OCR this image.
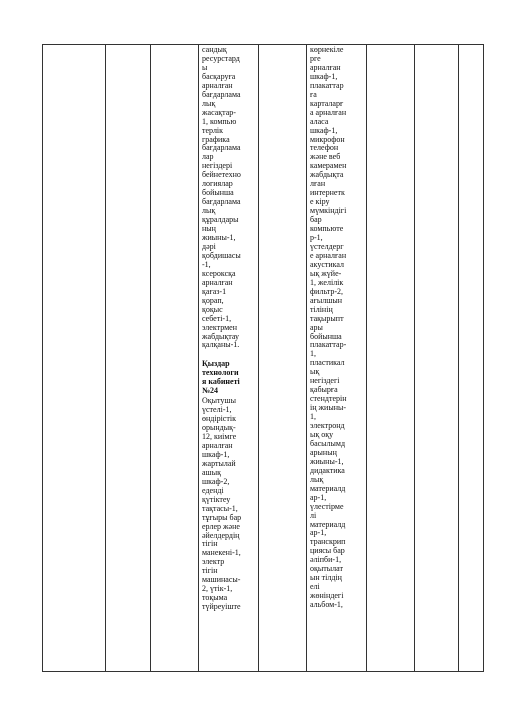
сандық
ресурстард
ы
басқаруға
арналған
бағдарлама
лық
жасақтар-
1, компью
терлік
графика
бағдарлама
лар
негіздері
бейнетехно
логиялар
бойынша
бағдарлама
лық
құралдары
ның
жиыны-1,
дәрі
қобдишасы
-1,
ксероксқа
арналған
қағаз-1
қорап,
қоқыс
себеті-1,
электрмен
жабдықтау
қалқаны-1.
Қыздар
технологи
я кабинеті
№24
Оқытушы
үстелі-1,
өндірістік
орындық-
12, киімге
арналған
шкаф-1,
жартылай
ашық
шкаф-2,
еденді
қүтіктеу
тақтасы-1,
тұғыры бар
ерлер және
әйелдердің
тігін
манекені-1,
электр
тігін
машинасы-
2, үтік-1,
тоқыма
түйреуіште

көрнекіле
рге
арналған
шкаф-1,
плакаттар
ға
карталарғ
а арналған
аласа
шкаф-1,
микрофон
телефон
жəне веб
камерамен
жабдықта
лған
интернетк
е кіру
мүмкіндігі
бар
компьюте
р-1,
үстелдерг
е арналған
акустикал
ық жүйе-
1, желілік
фильтр-2,
ағылшын
тілінің
тақырыпт
ары
бойынша
плакаттар-
1,
пластикал
ық
негіздегі
қабырға
стендтерін
ің жиыны-
1,
электронд
ық оқу
басылымд
арының
жиыны-1,
дидактика
лық
материалд
ар-1,
үлестірме
лі
материалд
ар-1,
транскрип
циясы бар
əліпби-1,
оқытылат
ын тілдің
елі
жөніндегі
альбом-1,
